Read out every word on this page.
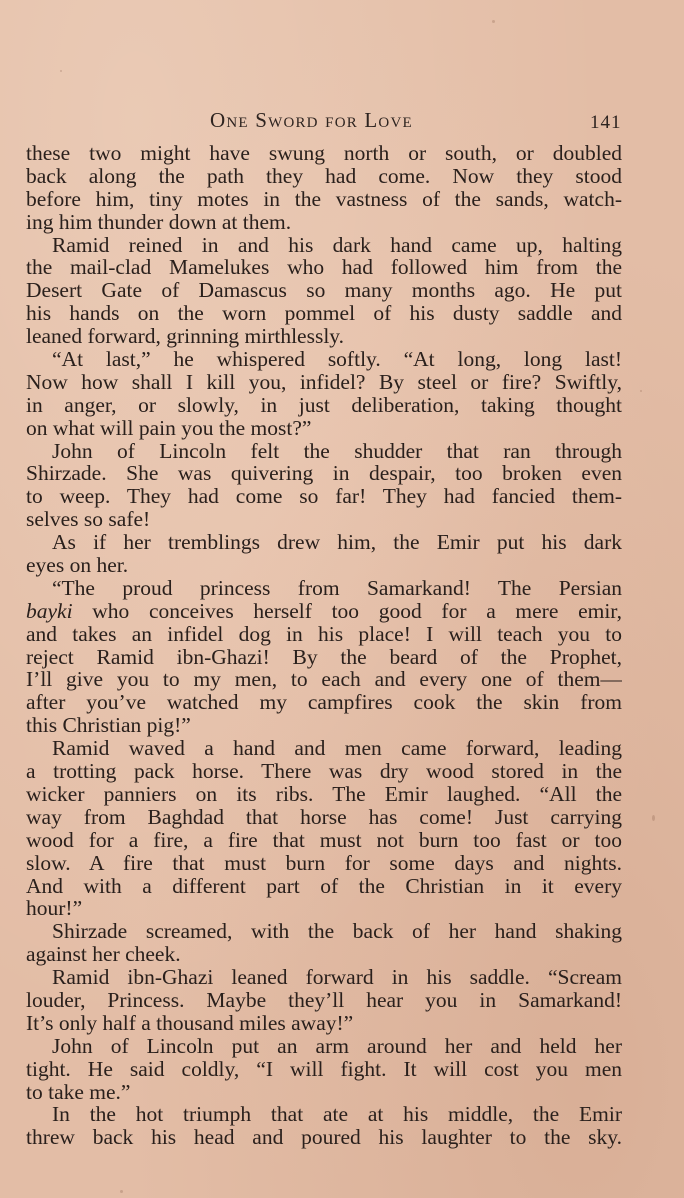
One Sword for Love	141
these two might have swung north or south, or doubled
back along the path they had come. Now they stood
before him, tiny motes in the vastness of the sands, watch-
ing him thunder down at them.
Ramid reined in and his dark hand came up, halting
the mail-clad Mamelukes who had followed him from the
Desert Gate of Damascus so many months ago. He put
his hands on the worn pommel of his dusty saddle and
leaned forward, grinning mirthlessly.
“At last,” he whispered softly. “At long, long last!
Now how shall I kill you, infidel? By steel or fire? Swiftly,
in anger, or slowly, in just deliberation, taking thought
on what will pain you the most?”
John of Lincoln felt the shudder that ran through
Shirzade. She was quivering in despair, too broken even
to weep. They had come so far! They had fancied them-
selves so safe!
As if her tremblings drew him, the Emir put his dark
eyes on her.
“The proud princess from Samarkand! The Persian
bayki who conceives herself too good for a mere emir,
and takes an infidel dog in his place! I will teach you to
reject Ramid ibn-Ghazi! By the beard of the Prophet,
I’ll give you to my men, to each and every one of them—
after you’ve watched my campfires cook the skin from
this Christian pig!”
Ramid waved a hand and men came forward, leading
a trotting pack horse. There was dry wood stored in the
wicker panniers on its ribs. The Emir laughed. “All the
way from Baghdad that horse has come! Just carrying
wood for a fire, a fire that must not burn too fast or too
slow. A fire that must burn for some days and nights.
And with a different part of the Christian in it every
hour!”
Shirzade screamed, with the back of her hand shaking
against her cheek.
Ramid ibn-Ghazi leaned forward in his saddle. “Scream
louder, Princess. Maybe they’ll hear you in Samarkand!
It’s only half a thousand miles away!”
John of Lincoln put an arm around her and held her
tight. He said coldly, “I will fight. It will cost you men
to take me.”
In the hot triumph that ate at his middle, the Emir
threw back his head and poured his laughter to the sky.
